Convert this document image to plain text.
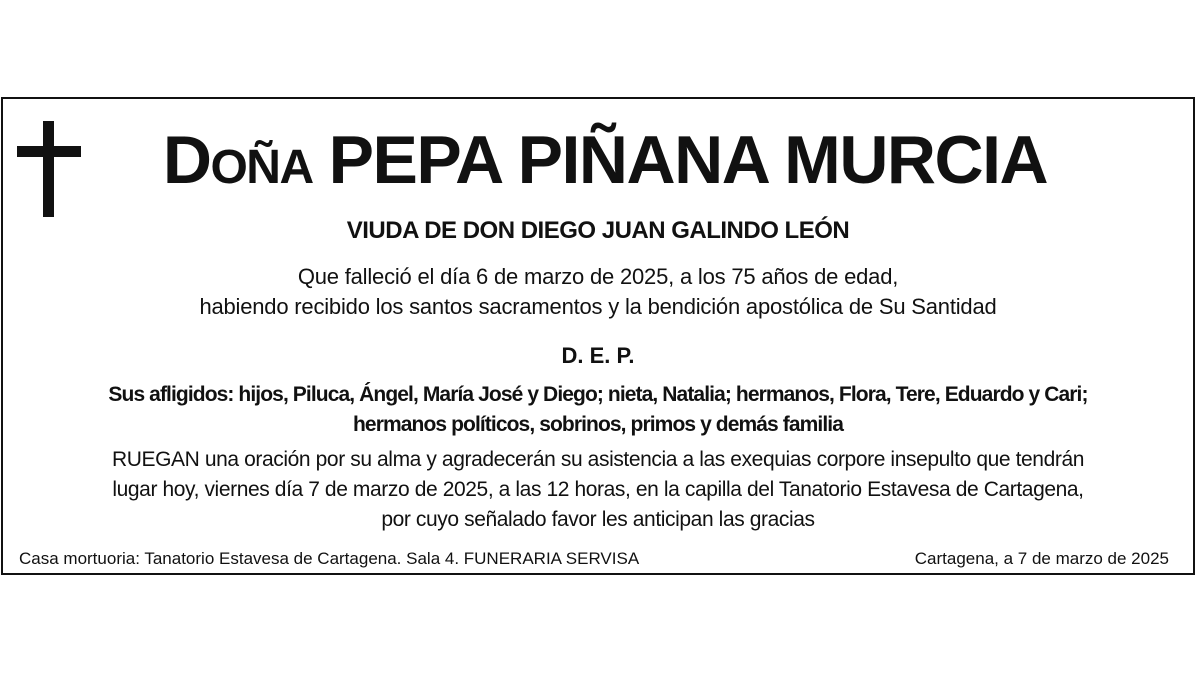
Doña PEPA PIÑANA MURCIA
VIUDA DE DON DIEGO JUAN GALINDO LEÓN
Que falleció el día 6 de marzo de 2025, a los 75 años de edad,
habiendo recibido los santos sacramentos y la bendición apostólica de Su Santidad
D. E. P.
Sus afligidos: hijos, Piluca, Ángel, María José y Diego; nieta, Natalia; hermanos, Flora, Tere, Eduardo y Cari;
hermanos políticos, sobrinos, primos y demás familia
RUEGAN una oración por su alma y agradecerán su asistencia a las exequias corpore insepulto que tendrán
lugar hoy, viernes día 7 de marzo de 2025, a las 12 horas, en la capilla del Tanatorio Estavesa de Cartagena,
por cuyo señalado favor les anticipan las gracias
Casa mortuoria: Tanatorio Estavesa de Cartagena. Sala 4. FUNERARIA SERVISA	Cartagena, a 7 de marzo de 2025
